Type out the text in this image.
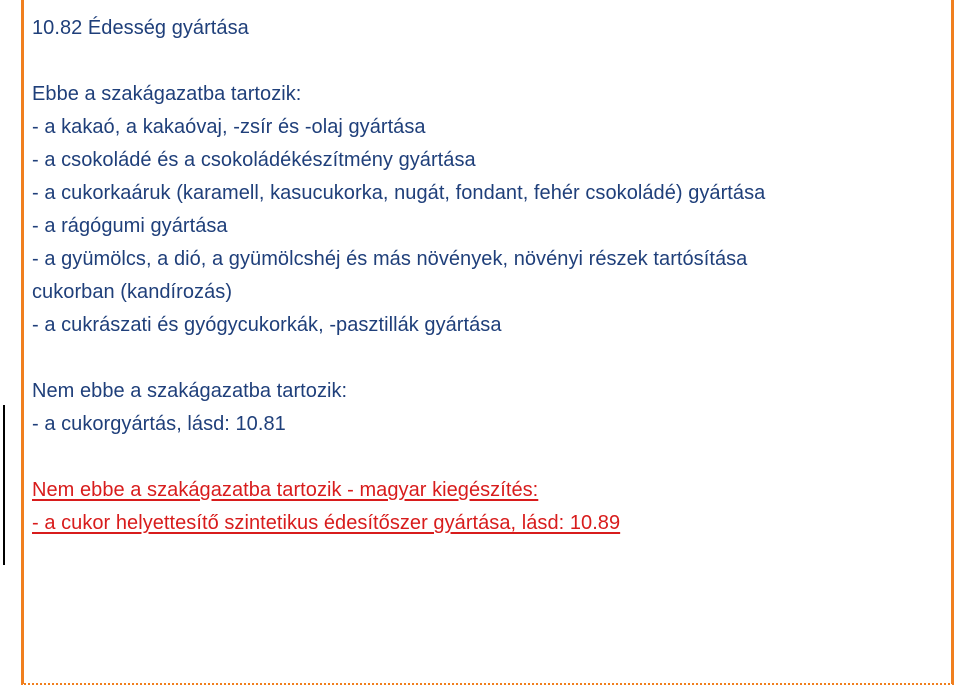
10.82 Édesség gyártása
Ebbe a szakágazatba tartozik:
- a kakaó, a kakaóvaj, -zsír és -olaj gyártása
- a csokoládé és a csokoládékészítmény gyártása
- a cukorkaáruk (karamell, kasucukorka, nugát, fondant, fehér csokoládé) gyártása
- a rágógumi gyártása
- a gyümölcs, a dió, a gyümölcshéj és más növények, növényi részek tartósítása
cukorban (kandírozás)
- a cukrászati és gyógycukorkák, -pasztillák gyártása
Nem ebbe a szakágazatba tartozik:
- a cukorgyártás, lásd: 10.81
Nem ebbe a szakágazatba tartozik - magyar kiegészítés:
- a cukor helyettesítő szintetikus édesítőszer gyártása, lásd: 10.89
